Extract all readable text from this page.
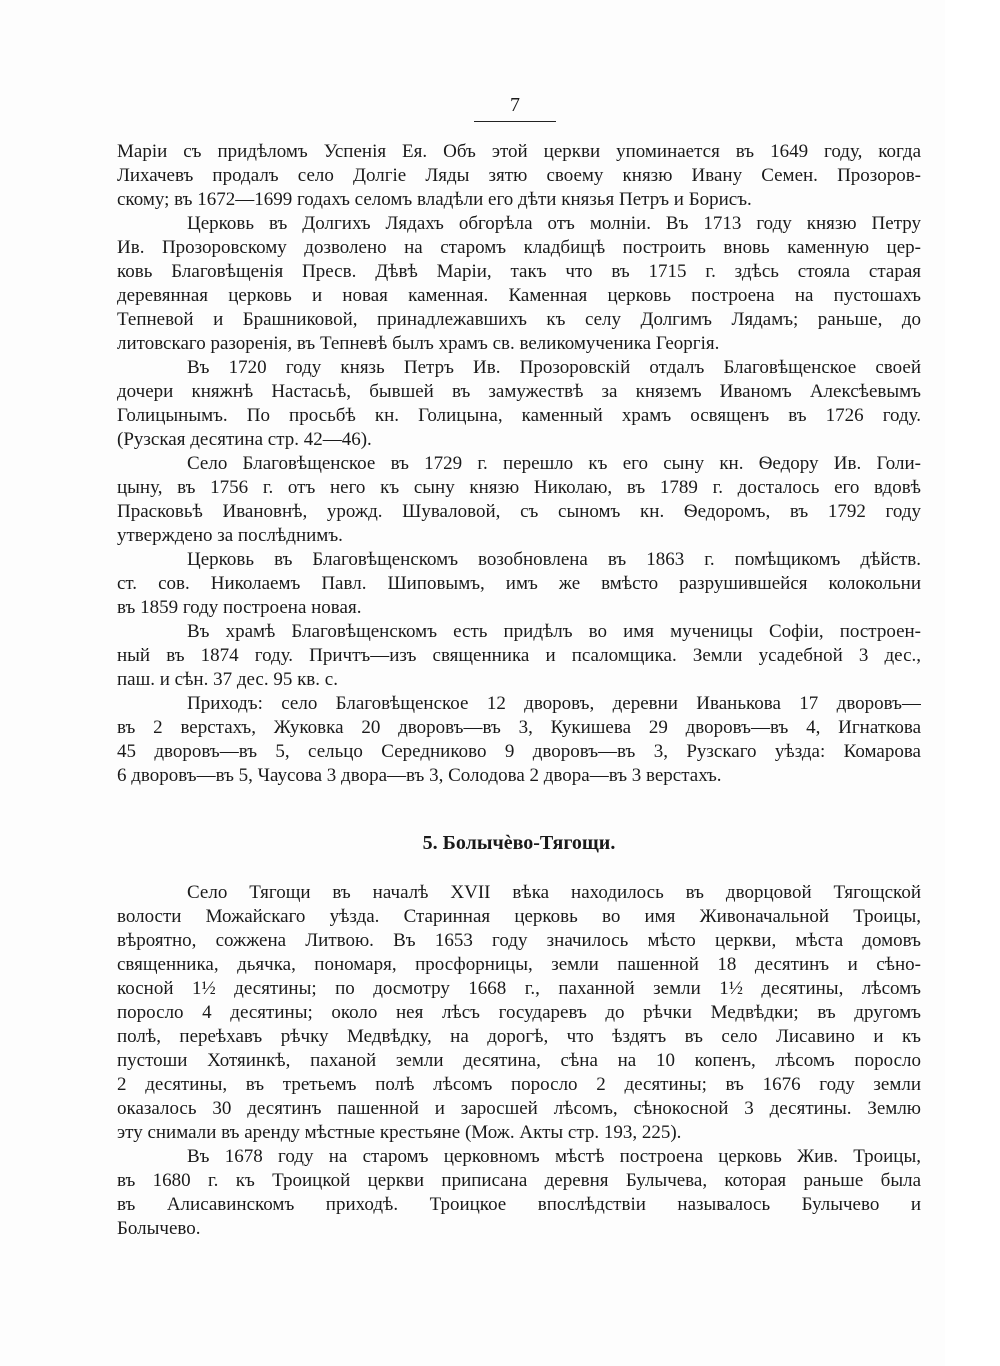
7
Маріи съ придѣломъ Успенія Ея. Объ этой церкви упоминается въ 1649 году, когда
Лихачевъ продалъ село Долгіе Ляды зятю своему князю Ивану Семен. Прозоров-
скому; въ 1672—1699 годахъ селомъ владѣли его дѣти князья Петръ и Борисъ.
Церковь въ Долгихъ Лядахъ обгорѣла отъ молніи. Въ 1713 году князю Петру
Ив. Прозоровскому дозволено на старомъ кладбищѣ построить вновь каменную цер-
ковь Благовѣщенія Пресв. Дѣвѣ Маріи, такъ что въ 1715 г. здѣсь стояла старая
деревянная церковь и новая каменная. Каменная церковь построена на пустошахъ
Тепневой и Брашниковой, принадлежавшихъ къ селу Долгимъ Лядамъ; раньше, до
литовскаго разоренія, въ Тепневѣ былъ храмъ св. великомученика Георгія.
Въ 1720 году князь Петръ Ив. Прозоровскій отдалъ Благовѣщенское своей
дочери княжнѣ Настасьѣ, бывшей въ замужествѣ за княземъ Иваномъ Алексѣевымъ
Голицынымъ. По просьбѣ кн. Голицына, каменный храмъ освященъ въ 1726 году.
(Рузская десятина стр. 42—46).
Село Благовѣщенское въ 1729 г. перешло къ его сыну кн. Ѳедору Ив. Голи-
цыну, въ 1756 г. отъ него къ сыну князю Николаю, въ 1789 г. досталось его вдовѣ
Прасковьѣ Ивановнѣ, урожд. Шуваловой, съ сыномъ кн. Ѳедоромъ, въ 1792 году
утверждено за послѣднимъ.
Церковь въ Благовѣщенскомъ возобновлена въ 1863 г. помѣщикомъ дѣйств.
ст. сов. Николаемъ Павл. Шиповымъ, имъ же вмѣсто разрушившейся колокольни
въ 1859 году построена новая.
Въ храмѣ Благовѣщенскомъ есть придѣлъ во имя мученицы Софіи, построен-
ный въ 1874 году. Причтъ—изъ священника и псаломщика. Земли усадебной 3 дес.,
паш. и сѣн. 37 дес. 95 кв. с.
Приходъ: село Благовѣщенское 12 дворовъ, деревни Иванькова 17 дворовъ—
въ 2 верстахъ, Жуковка 20 дворовъ—въ 3, Кукишева 29 дворовъ—въ 4, Игнаткова
45 дворовъ—въ 5, сельцо Середниково 9 дворовъ—въ 3, Рузскаго уѣзда: Комарова
6 дворовъ—въ 5, Чаусова 3 двора—въ 3, Солодова 2 двора—въ 3 верстахъ.
5. Болычѐво-Тягощи.
Село Тягощи въ началѣ XVII вѣка находилось въ дворцовой Тягощской
волости Можайскаго уѣзда. Старинная церковь во имя Живоначальной Троицы,
вѣроятно, сожжена Литвою. Въ 1653 году значилось мѣсто церкви, мѣста домовъ
священника, дьячка, пономаря, просфорницы, земли пашенной 18 десятинъ и сѣно-
косной 1½ десятины; по досмотру 1668 г., паханной земли 1½ десятины, лѣсомъ
поросло 4 десятины; около нея лѣсъ государевъ до рѣчки Медвѣдки; въ другомъ
полѣ, переѣхавъ рѣчку Медвѣдку, на дорогѣ, что ѣздятъ въ село Лисавино и къ
пустоши Хотяинкѣ, паханой земли десятина, сѣна на 10 копенъ, лѣсомъ поросло
2 десятины, въ третьемъ полѣ лѣсомъ поросло 2 десятины; въ 1676 году земли
оказалось 30 десятинъ пашенной и заросшей лѣсомъ, сѣнокосной 3 десятины. Землю
эту снимали въ аренду мѣстные крестьяне (Мож. Акты стр. 193, 225).
Въ 1678 году на старомъ церковномъ мѣстѣ построена церковь Жив. Троицы,
въ 1680 г. къ Троицкой церкви приписана деревня Булычева, которая раньше была
въ Алисавинскомъ приходѣ. Троицкое впослѣдствіи называлось Булычево и
Болычево.
